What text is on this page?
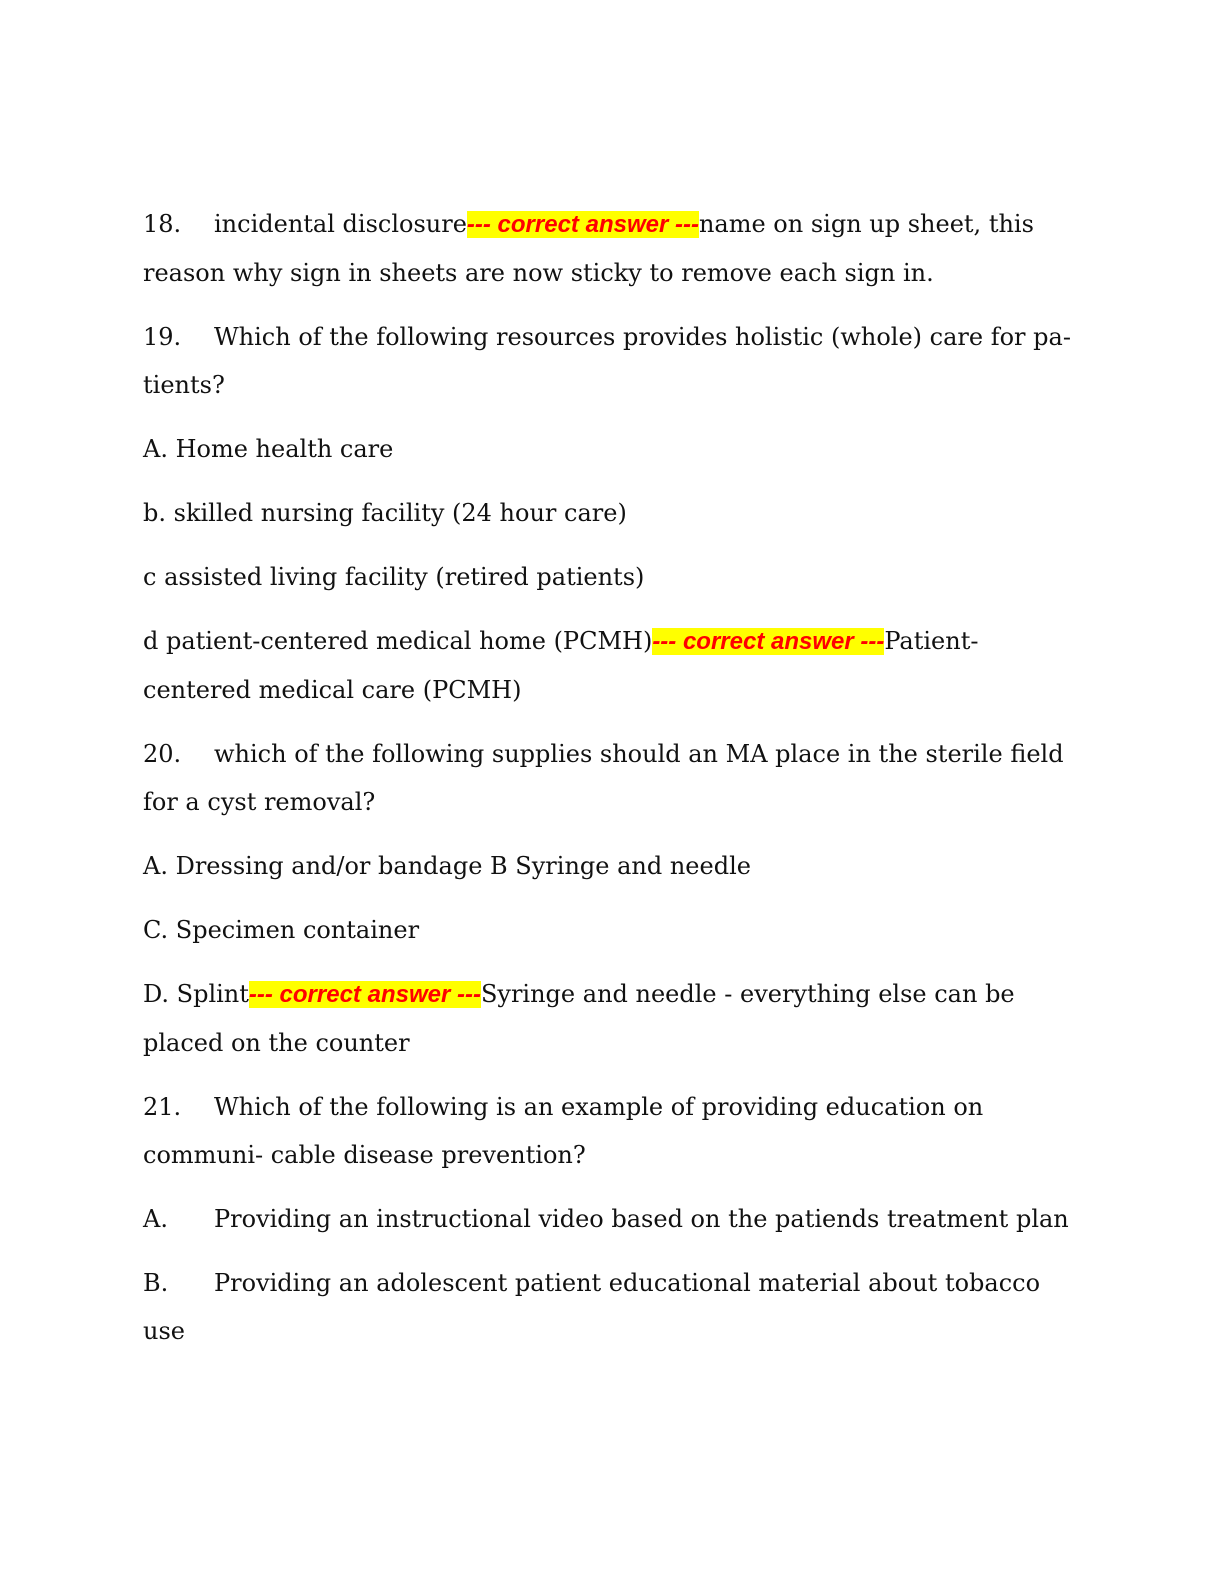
18. incidental disclosure--- correct answer ---name on sign up sheet, this reason why sign in sheets are now sticky to remove each sign in.

19. Which of the following resources provides holistic (whole) care for pa- tients?

A. Home health care

b. skilled nursing facility (24 hour care)

c assisted living facility (retired patients)

d patient-centered medical home (PCMH)--- correct answer ---Patient-centered medical care (PCMH)

20. which of the following supplies should an MA place in the sterile field for a cyst removal?

A. Dressing and/or bandage B Syringe and needle

C. Specimen container

D. Splint--- correct answer ---Syringe and needle - everything else can be placed on the counter

21. Which of the following is an example of providing education on communi- cable disease prevention?

A. Providing an instructional video based on the patiends treatment plan

B. Providing an adolescent patient educational material about tobacco use
